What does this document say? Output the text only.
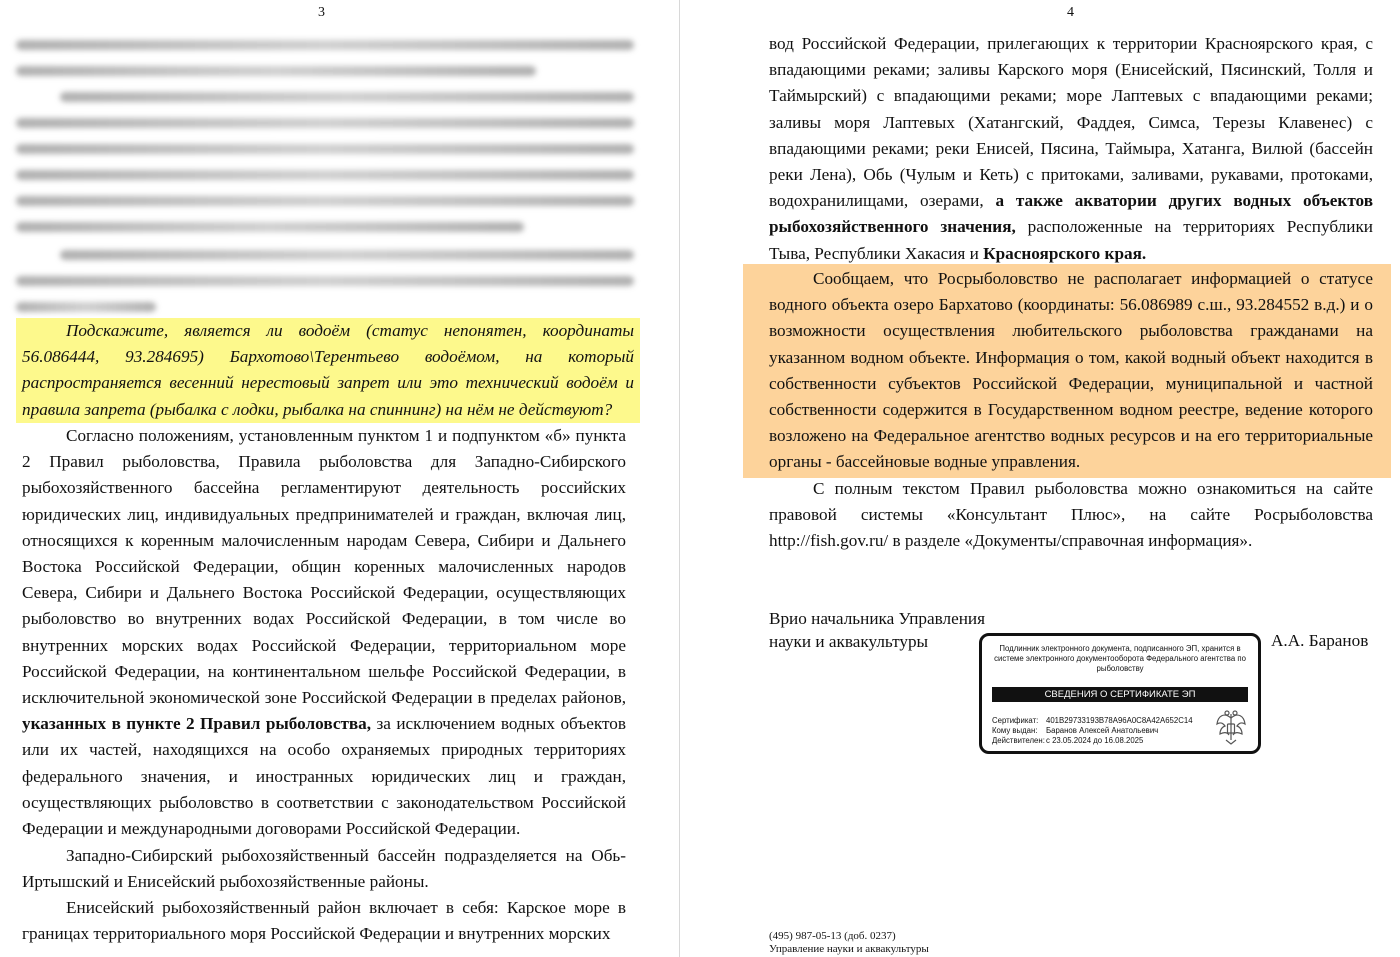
3
Подскажите, является ли водоём (статус непонятен, координаты 56.086444, 93.284695) Бархотово\Терентьево водоёмом, на который распространяется весенний нерестовый запрет или это технический водоём и правила запрета (рыбалка с лодки, рыбалка на спиннинг) на нём не действуют?

Согласно положениям, установленным пунктом 1 и подпунктом «б» пункта 2 Правил рыболовства, Правила рыболовства для Западно-Сибирского рыбохозяйственного бассейна регламентируют деятельность российских юридических лиц, индивидуальных предпринимателей и граждан, включая лиц, относящихся к коренным малочисленным народам Севера, Сибири и Дальнего Востока Российской Федерации, общин коренных малочисленных народов Севера, Сибири и Дальнего Востока Российской Федерации, осуществляющих рыболовство во внутренних водах Российской Федерации, в том числе во внутренних морских водах Российской Федерации, территориальном море Российской Федерации, на континентальном шельфе Российской Федерации, в исключительной экономической зоне Российской Федерации в пределах районов, указанных в пункте 2 Правил рыболовства, за исключением водных объектов или их частей, находящихся на особо охраняемых природных территориях федерального значения, и иностранных юридических лиц и граждан, осуществляющих рыболовство в соответствии с законодательством Российской Федерации и международными договорами Российской Федерации.

Западно-Сибирский рыбохозяйственный бассейн подразделяется на Обь-Иртышский и Енисейский рыбохозяйственные районы.

Енисейский рыбохозяйственный район включает в себя: Карское море в границах территориального моря Российской Федерации и внутренних морских

4

вод Российской Федерации, прилегающих к территории Красноярского края, с впадающими реками; заливы Карского моря (Енисейский, Пясинский, Толля и Таймырский) с впадающими реками; море Лаптевых с впадающими реками; заливы моря Лаптевых (Хатангский, Фаддея, Симса, Терезы Клавенес) с впадающими реками; реки Енисей, Пясина, Таймыра, Хатанга, Вилюй (бассейн реки Лена), Обь (Чулым и Кеть) с притоками, заливами, рукавами, протоками, водохранилищами, озерами, а также акватории других водных объектов рыбохозяйственного значения, расположенные на территориях Республики Тыва, Республики Хакасия и Красноярского края.

Сообщаем, что Росрыболовство не располагает информацией о статусе водного объекта озеро Бархатово (координаты: 56.086989 с.ш., 93.284552 в.д.) и о возможности осуществления любительского рыболовства гражданами на указанном водном объекте. Информация о том, какой водный объект находится в собственности субъектов Российской Федерации, муниципальной и частной собственности содержится в Государственном водном реестре, ведение которого возложено на Федеральное агентство водных ресурсов и на его территориальные органы - бассейновые водные управления.

С полным текстом Правил рыболовства можно ознакомиться на сайте правовой системы «Консультант Плюс», на сайте Росрыболовства http://fish.gov.ru/ в разделе «Документы/справочная информация».

Врио начальника Управления
науки и аквакультуры	А.А. Баранов
(495) 987-05-13 (доб. 0237)
Управление науки и аквакультуры
Подлинник электронного документа, подписанного ЭП, хранится в системе электронного документооборота Федерального агентства по рыболовству
СВЕДЕНИЯ О СЕРТИФИКАТЕ ЭП
Сертификат: 401B29733193B78A96A0C8A42A652C14
Кому выдан: Баранов Алексей Анатольевич
Действителен:с 23.05.2024 до 16.08.2025
